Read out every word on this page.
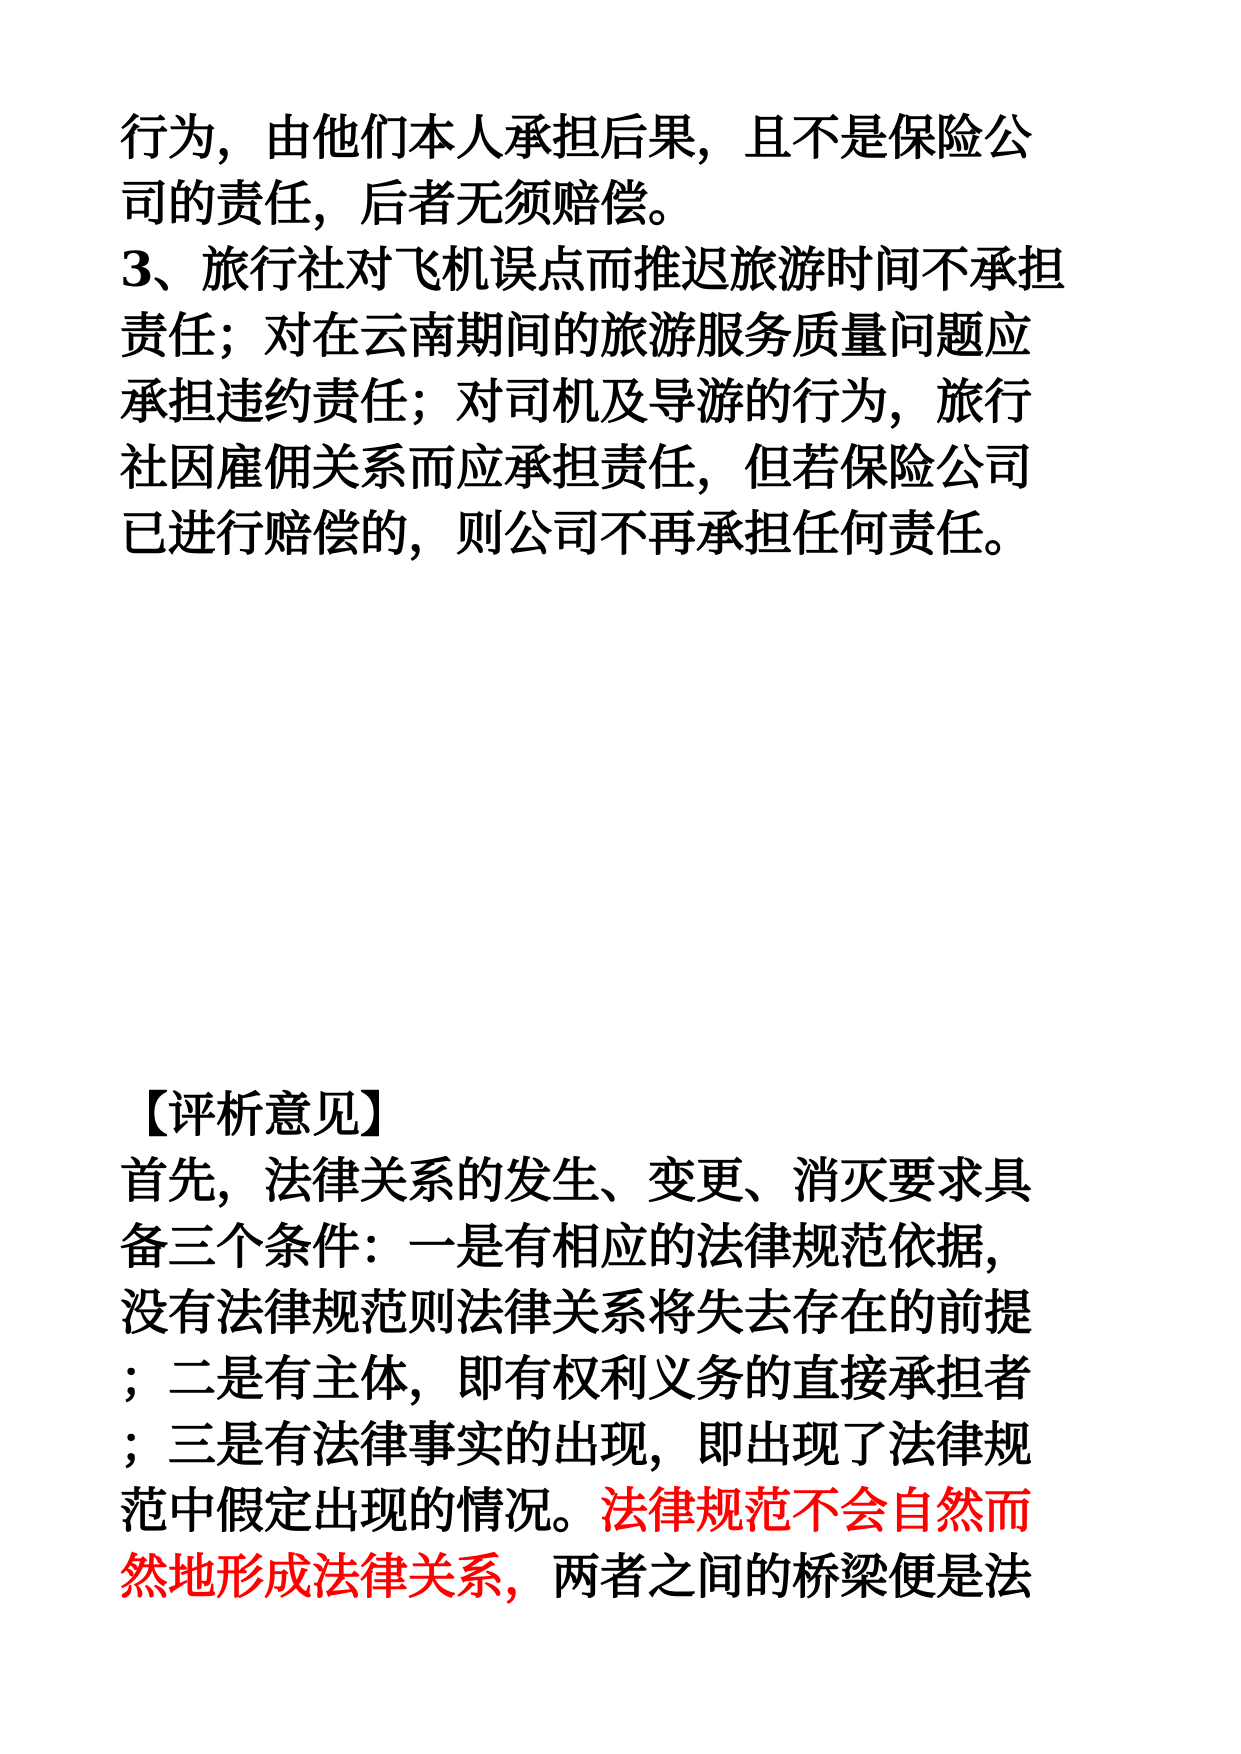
行为，由他们本人承担后果，且不是保险公
司的责任，后者无须赔偿。
3、旅行社对飞机误点而推迟旅游时间不承担
责任；对在云南期间的旅游服务质量问题应
承担违约责任；对司机及导游的行为，旅行
社因雇佣关系而应承担责任，但若保险公司
已进行赔偿的，则公司不再承担任何责任。
【评析意见】
首先，法律关系的发生、变更、消灭要求具
备三个条件：一是有相应的法律规范依据，
没有法律规范则法律关系将失去存在的前提
；二是有主体，即有权利义务的直接承担者
；三是有法律事实的出现，即出现了法律规
范中假定出现的情况。法律规范不会自然而
然地形成法律关系，两者之间的桥梁便是法
